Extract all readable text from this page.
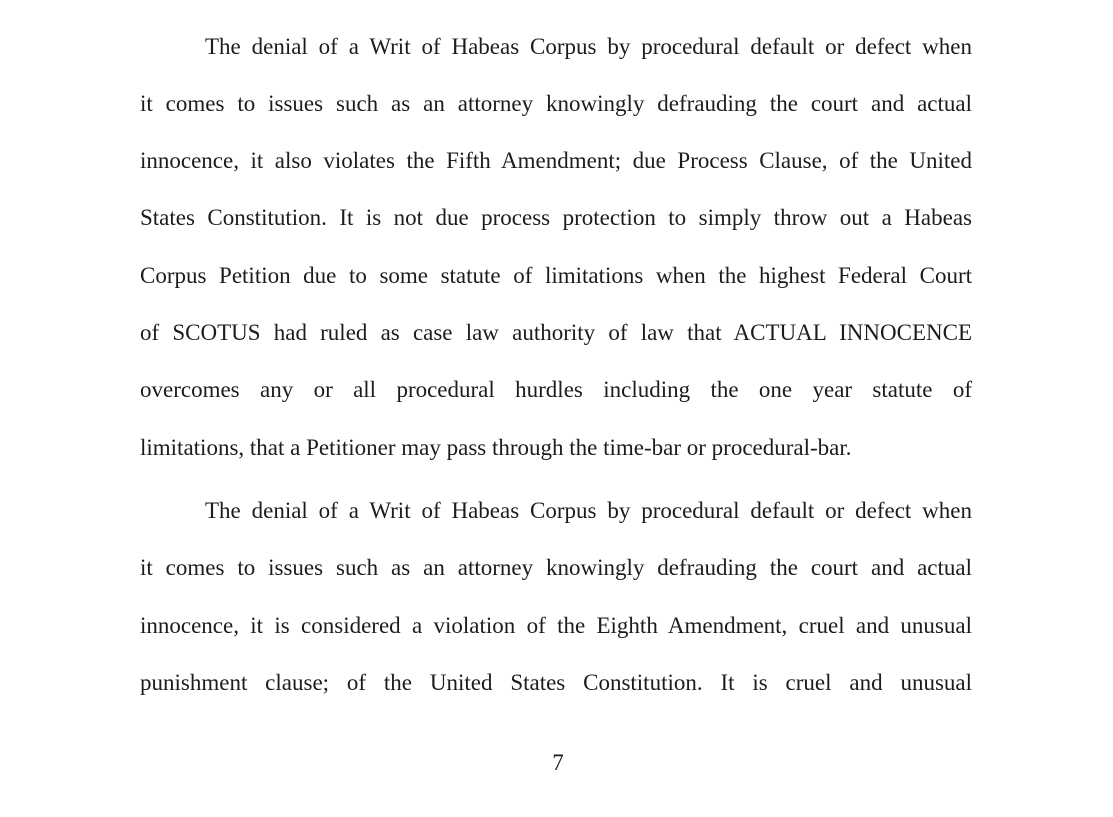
The denial of a Writ of Habeas Corpus by procedural default or defect when
it comes to issues such as an attorney knowingly defrauding the court and actual
innocence, it also violates the Fifth Amendment; due Process Clause, of the United
States Constitution. It is not due process protection to simply throw out a Habeas
Corpus Petition due to some statute of limitations when the highest Federal Court
of SCOTUS had ruled as case law authority of law that ACTUAL INNOCENCE
overcomes any or all procedural hurdles including the one year statute of
limitations, that a Petitioner may pass through the time-bar or procedural-bar.
The denial of a Writ of Habeas Corpus by procedural default or defect when
it comes to issues such as an attorney knowingly defrauding the court and actual
innocence, it is considered a violation of the Eighth Amendment, cruel and unusual
punishment clause; of the United States Constitution. It is cruel and unusual
7
